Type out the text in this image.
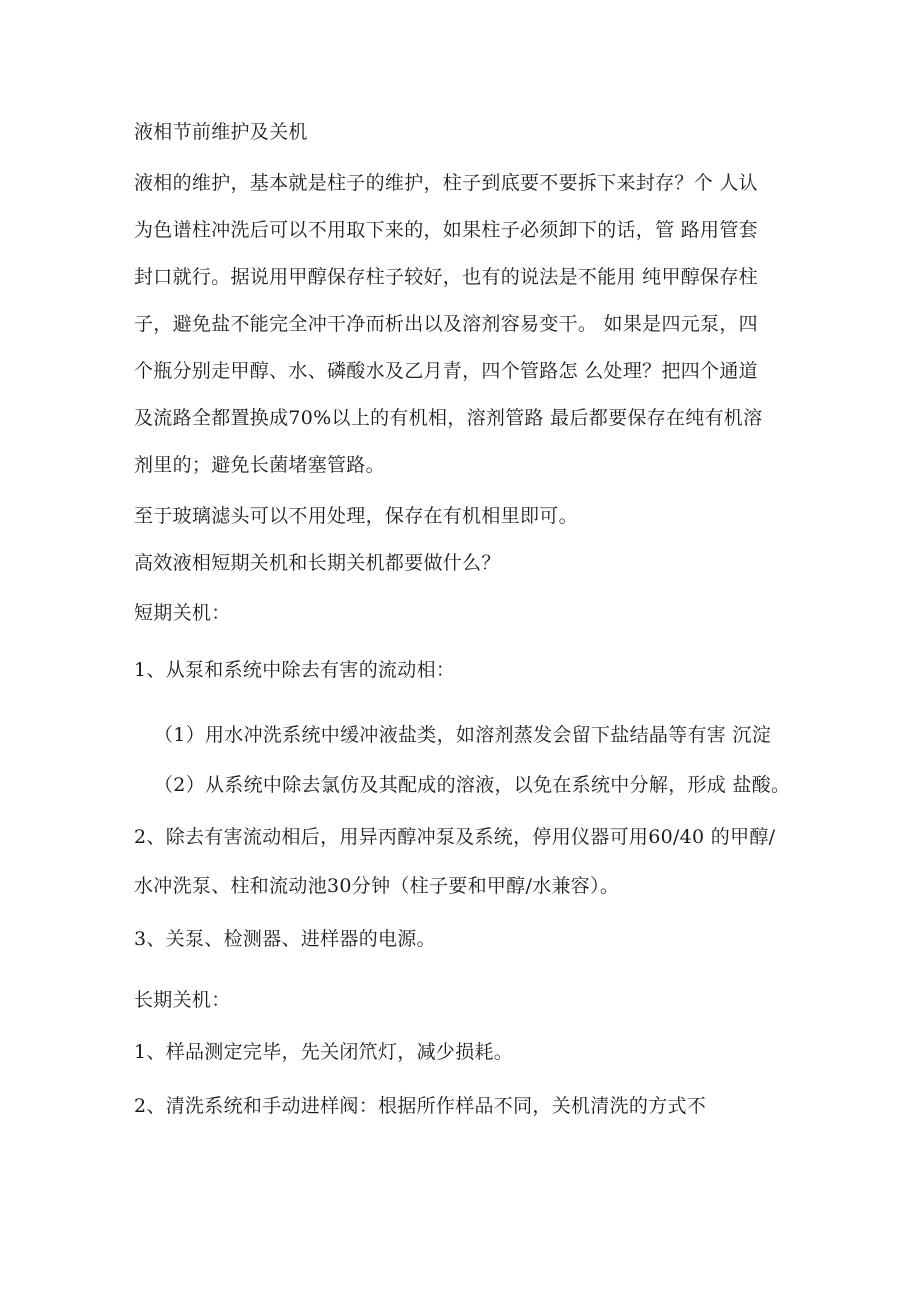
液相节前维护及关机
液相的维护，基本就是柱子的维护，柱子到底要不要拆下来封存？个 人认
为色谱柱冲洗后可以不用取下来的，如果柱子必须卸下的话，管 路用管套
封口就行。据说用甲醇保存柱子较好，也有的说法是不能用 纯甲醇保存柱
子，避免盐不能完全冲干净而析出以及溶剂容易变干。 如果是四元泵，四
个瓶分别走甲醇、水、磷酸水及乙月青，四个管路怎 么处理？把四个通道
及流路全都置换成70%以上的有机相，溶剂管路 最后都要保存在纯有机溶
剂里的；避免长菌堵塞管路。
至于玻璃滤头可以不用处理，保存在有机相里即可。
高效液相短期关机和长期关机都要做什么？
短期关机：
1、从泵和系统中除去有害的流动相：
（1）用水冲洗系统中缓冲液盐类，如溶剂蒸发会留下盐结晶等有害 沉淀
（2）从系统中除去氯仿及其配成的溶液，以免在系统中分解，形成 盐酸。
2、除去有害流动相后，用异丙醇冲泵及系统，停用仪器可用60/40 的甲醇/
水冲洗泵、柱和流动池30分钟（柱子要和甲醇/水兼容）。
3、关泵、检测器、进样器的电源。
长期关机：
1、样品测定完毕，先关闭笊灯，减少损耗。
2、清洗系统和手动进样阀：根据所作样品不同，关机清洗的方式不
